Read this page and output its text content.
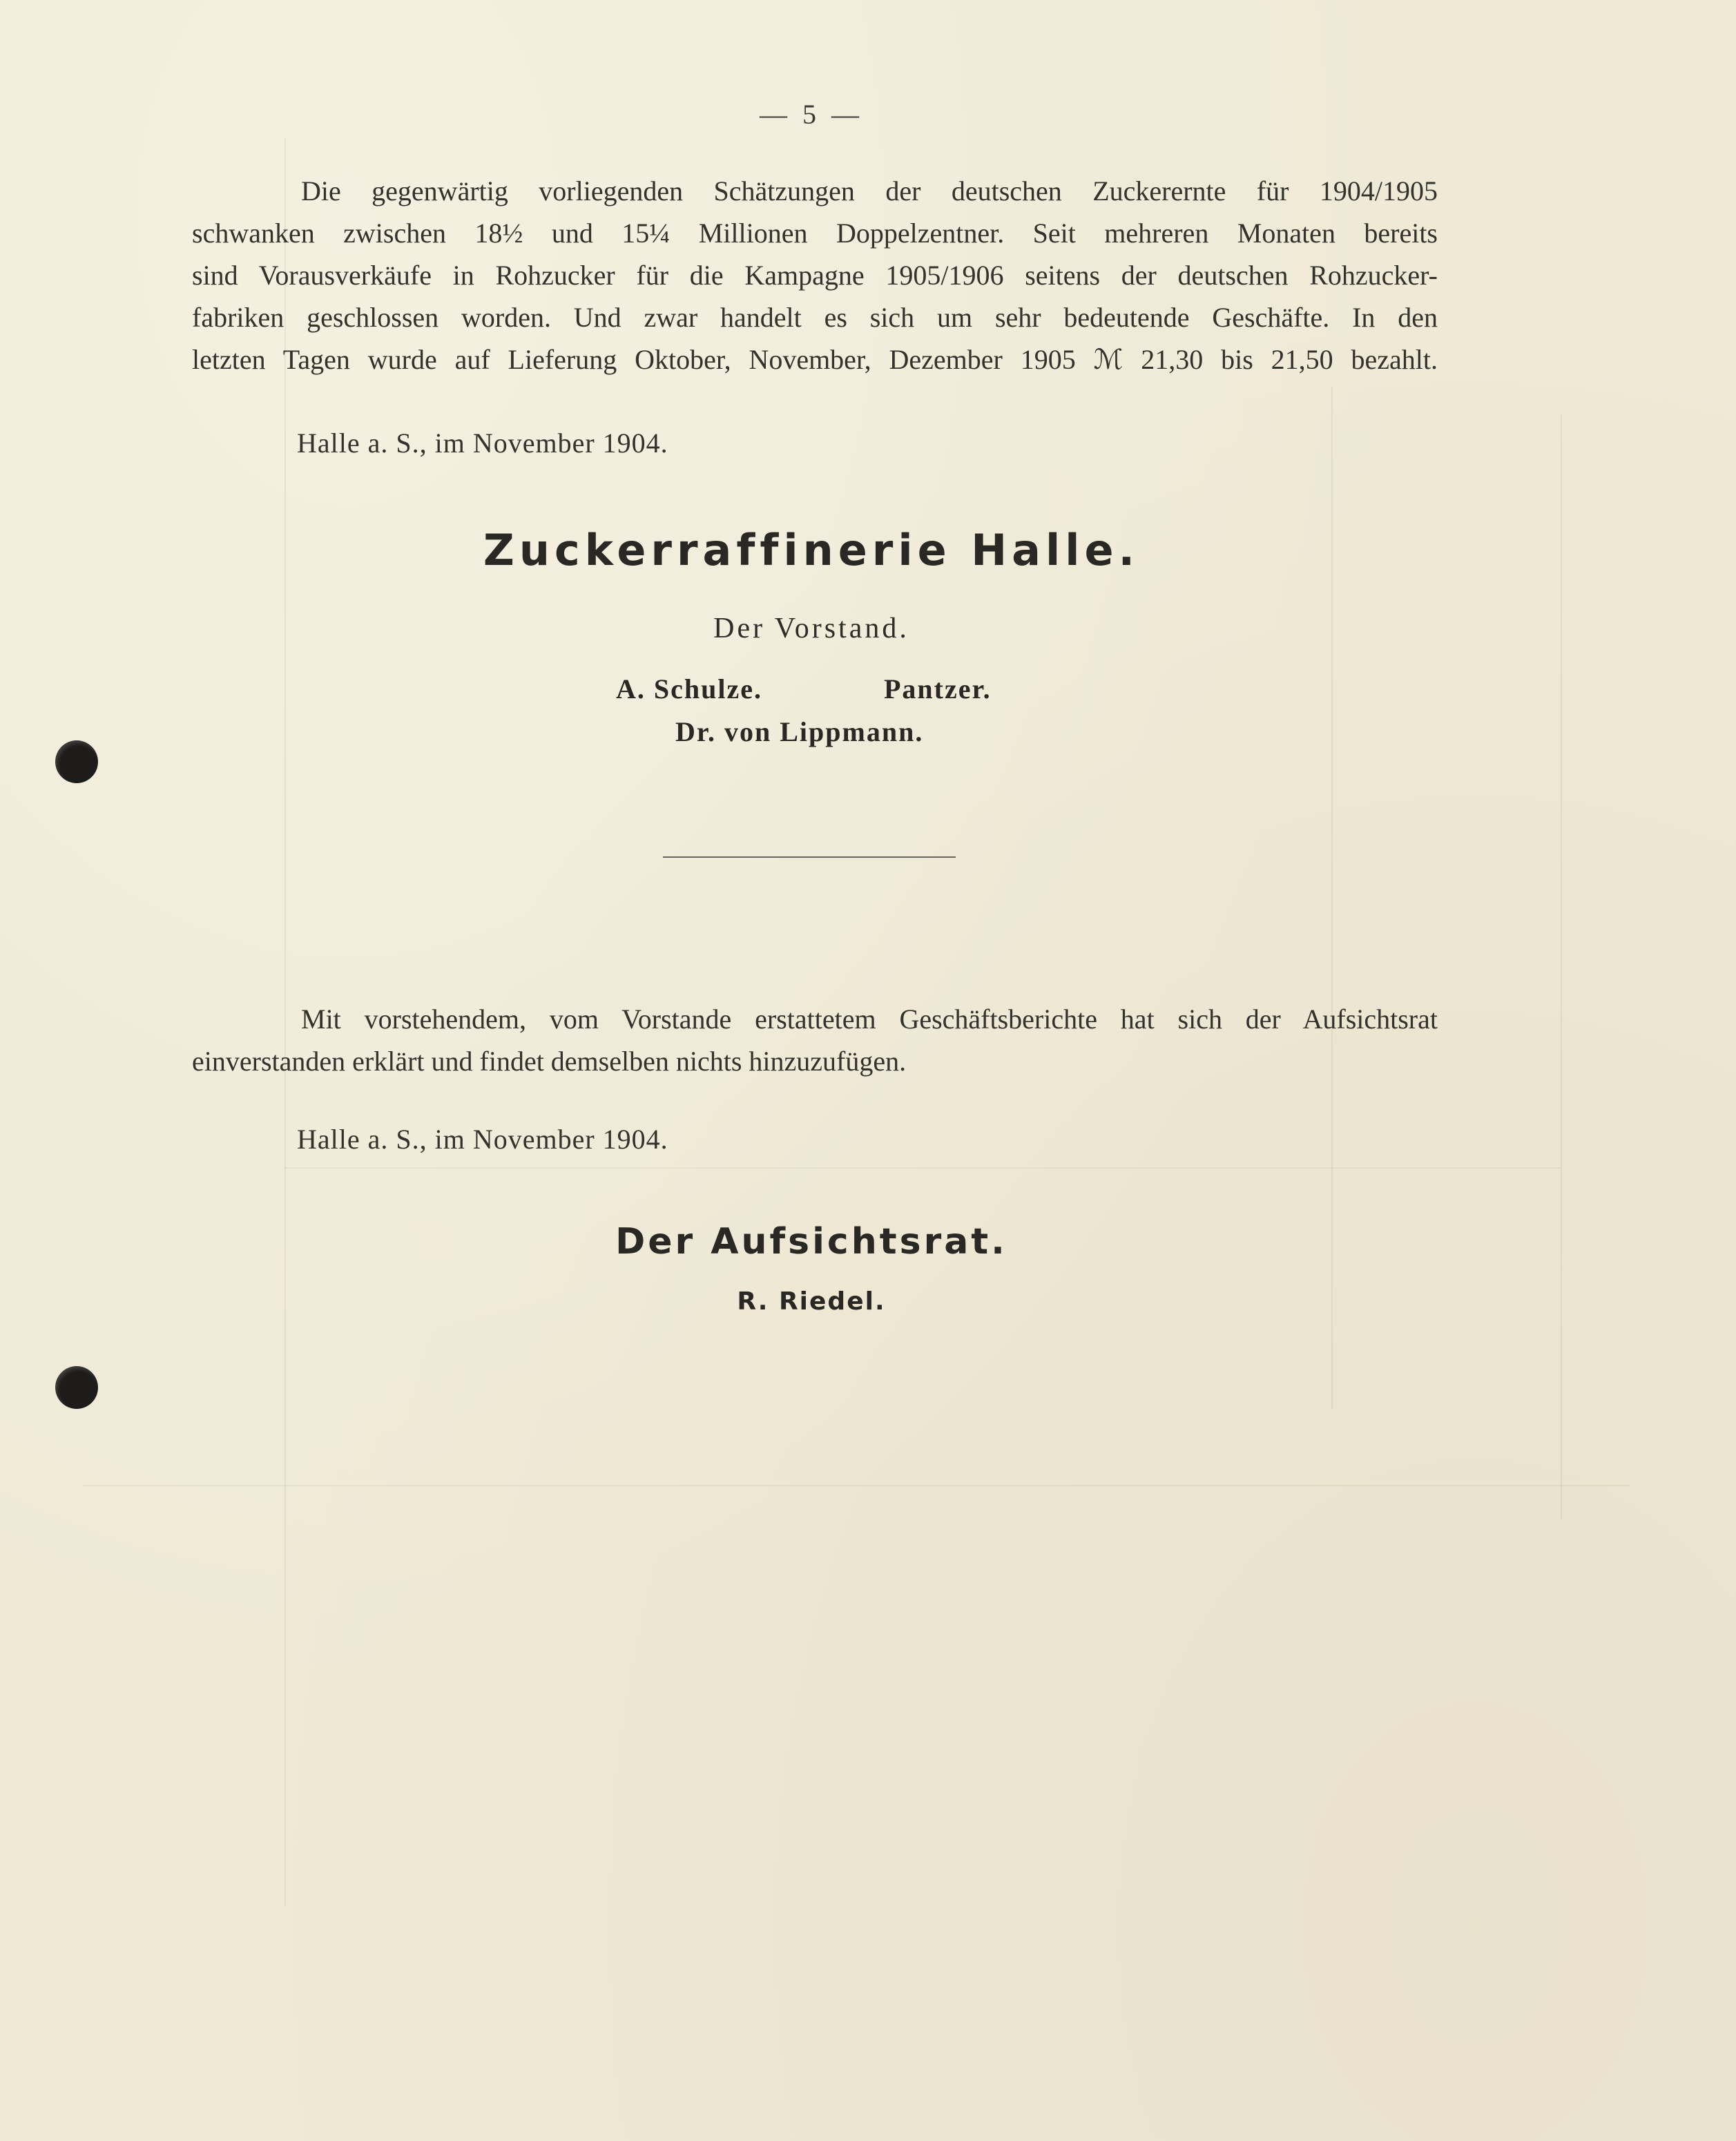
— 5 —
Die gegenwärtig vorliegenden Schätzungen der deutschen Zuckerernte für 1904/1905
schwanken zwischen 18½ und 15¼ Millionen Doppelzentner. Seit mehreren Monaten bereits
sind Vorausverkäufe in Rohzucker für die Kampagne 1905/1906 seitens der deutschen Rohzucker-
fabriken geschlossen worden. Und zwar handelt es sich um sehr bedeutende Geschäfte. In den
letzten Tagen wurde auf Lieferung Oktober, November, Dezember 1905 ℳ 21,30 bis 21,50 bezahlt.
Halle a. S., im November 1904.
Zuckerraffinerie Halle.
Der Vorstand.
A. Schulze.	Pantzer.
Dr. von Lippmann.
Mit vorstehendem, vom Vorstande erstattetem Geschäftsberichte hat sich der Aufsichtsrat
einverstanden erklärt und findet demselben nichts hinzuzufügen.
Halle a. S., im November 1904.
Der Aufsichtsrat.
R. Riedel.
